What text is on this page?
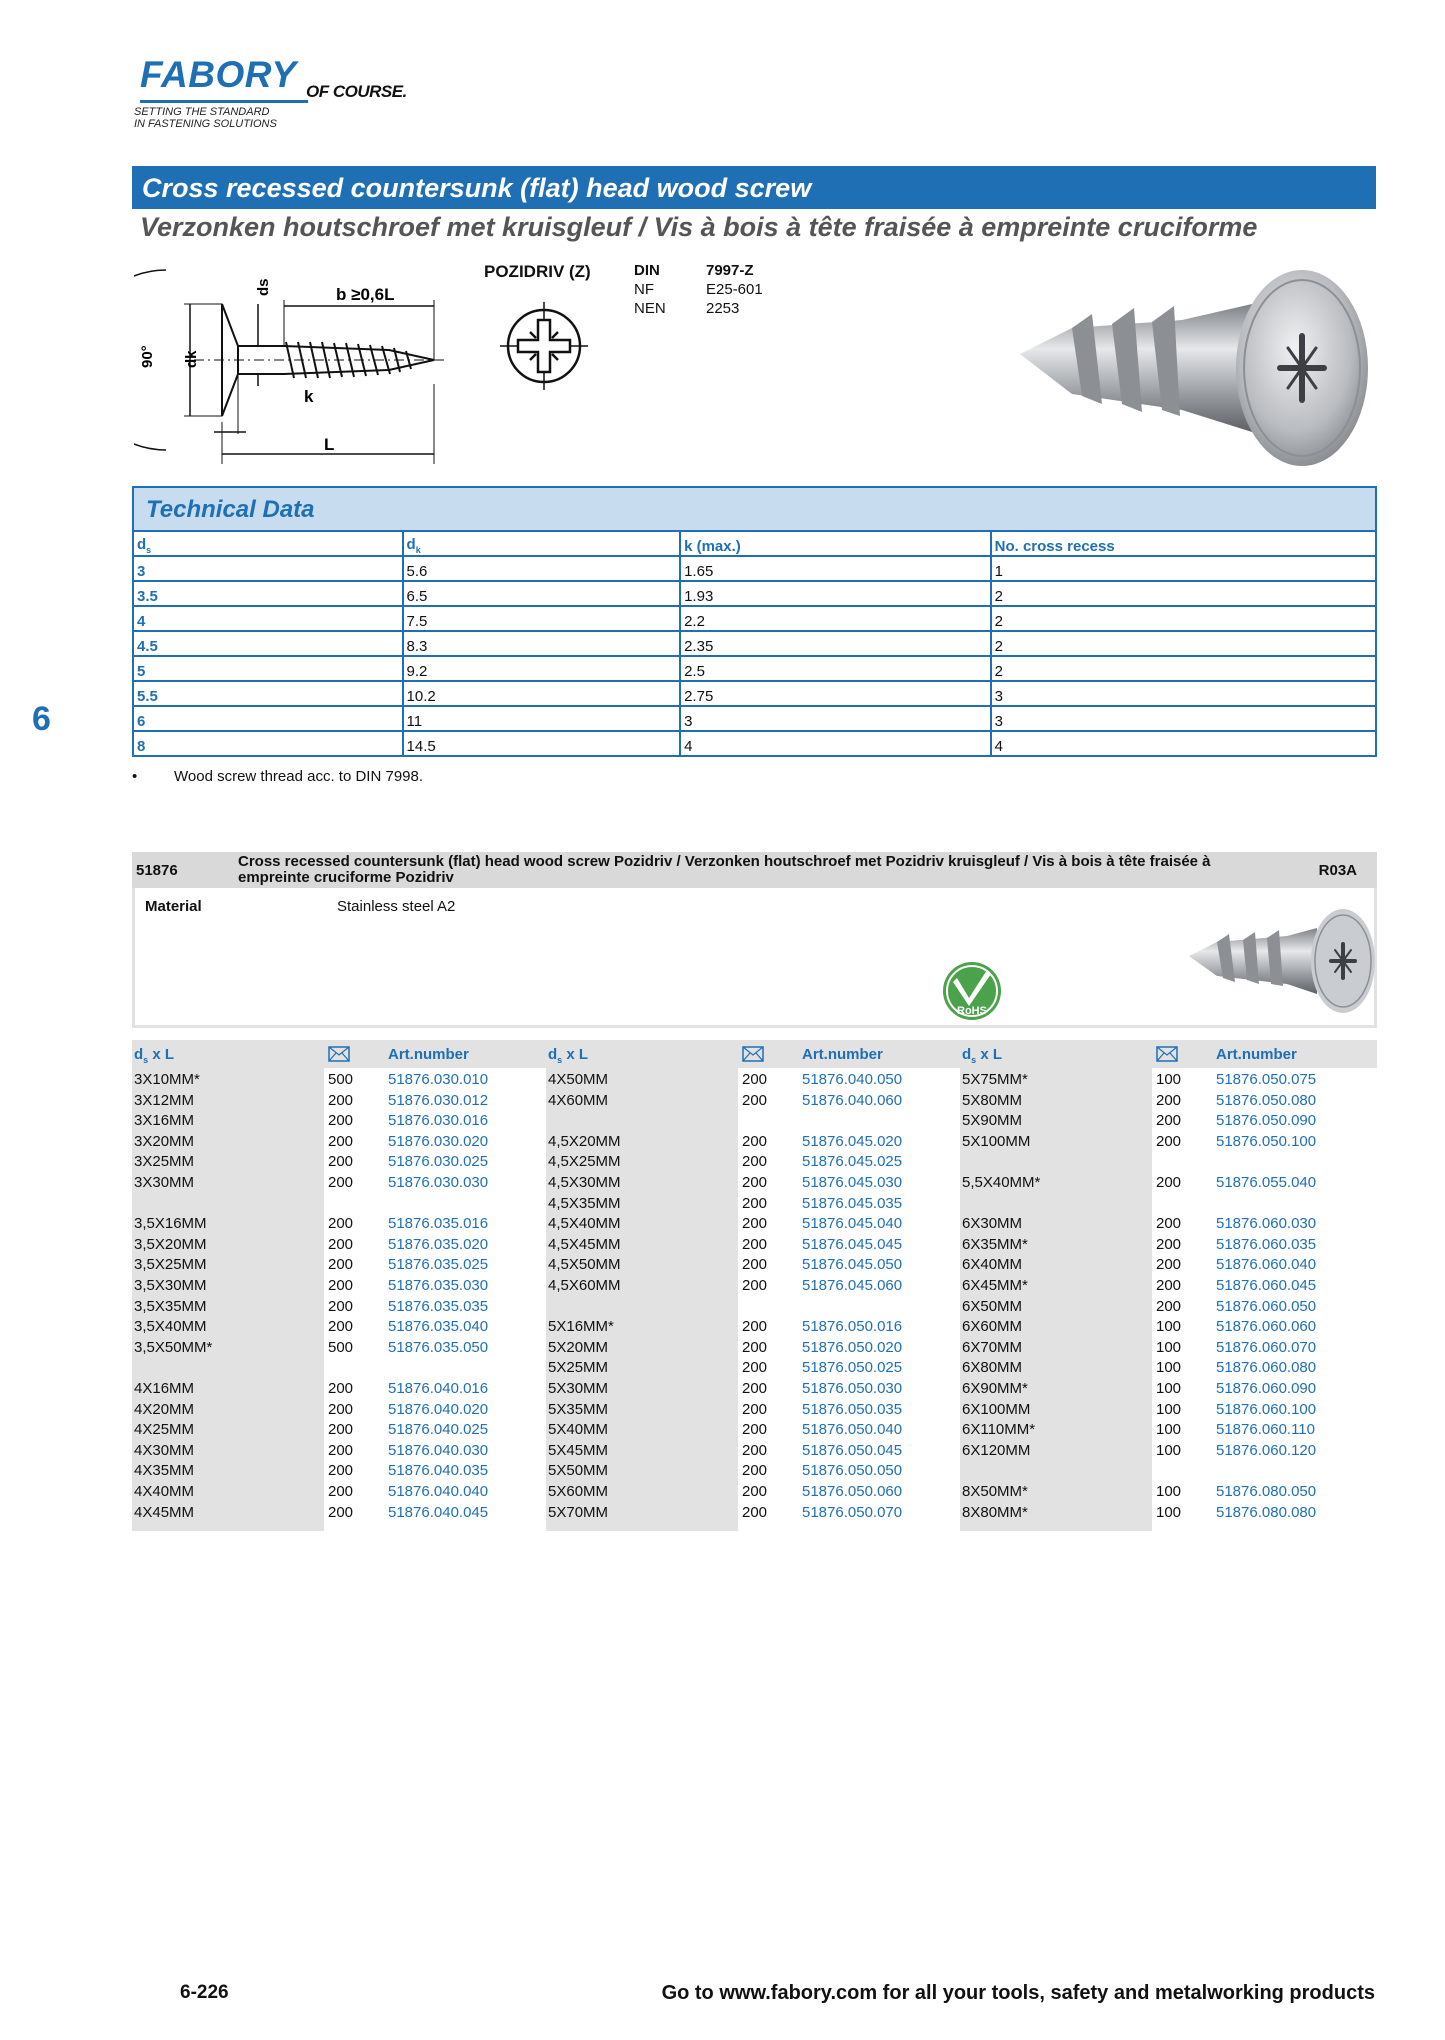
FABORY OF COURSE.
SETTING THE STANDARD
IN FASTENING SOLUTIONS
Cross recessed countersunk (flat) head wood screw
Verzonken houtschroef met kruisgleuf / Vis à bois à tête fraisée à empreinte cruciforme
90° dk
ds	b ≥0,6L
k
L
POZIDRIV (Z)	DIN	7997-Z
NF	E25-601
NEN	2253
Technical Data
$d_s$	$d_k$	k (max.)	No. cross recess
3	5.6	1.65	1
3.5	6.5	1.93	2
4	7.5	2.2	2
4.5	8.3	2.35	2
5	9.2	2.5	2
5.5	10.2	2.75	3
6	11	3	3
8	14.5	4	4
6
• Wood screw thread acc. to DIN 7998.
51876
Cross recessed countersunk (flat) head wood screw Pozidriv / Verzonken houtschroef met Pozidriv kruisgleuf / Vis à bois à tête fraisée à empreinte cruciforme Pozidriv	R03A
Material	Stainless steel A2
RoHS
$d_s$ x L	Art.number	$d_s$ x L	Art.number	$d_s$ x L	Art.number
3X10MM*	500 51876.030.010
3X12MM	200 51876.030.012
3X16MM	200 51876.030.016
3X20MM	200 51876.030.020
3X25MM	200 51876.030.025
3X30MM	200 51876.030.030
3,5X16MM	200 51876.035.016
3,5X20MM	200 51876.035.020
3,5X25MM	200 51876.035.025
3,5X30MM	200 51876.035.030
3,5X35MM	200 51876.035.035
3,5X40MM	200 51876.035.040
3,5X50MM*	500 51876.035.050
4X16MM	200 51876.040.016
4X20MM	200 51876.040.020
4X25MM	200 51876.040.025
4X30MM	200 51876.040.030
4X35MM	200 51876.040.035
4X40MM	200 51876.040.040
4X45MM	200 51876.040.045
4X50MM	200 51876.040.050
4X60MM	200 51876.040.060
4,5X20MM	200 51876.045.020
4,5X25MM	200 51876.045.025
4,5X30MM	200 51876.045.030
4,5X35MM	200 51876.045.035
4,5X40MM	200 51876.045.040
4,5X45MM	200 51876.045.045
4,5X50MM	200 51876.045.050
4,5X60MM	200 51876.045.060
5X16MM*	200 51876.050.016
5X20MM	200 51876.050.020
5X25MM	200 51876.050.025
5X30MM	200 51876.050.030
5X35MM	200 51876.050.035
5X40MM	200 51876.050.040
5X45MM	200 51876.050.045
5X50MM	200 51876.050.050
5X60MM	200 51876.050.060
5X70MM	200 51876.050.070
5X75MM*	100 51876.050.075
5X80MM	200 51876.050.080
5X90MM	200 51876.050.090
5X100MM	200 51876.050.100
5,5X40MM*	200 51876.055.040
6X30MM	200 51876.060.030
6X35MM*	200 51876.060.035
6X40MM	200 51876.060.040
6X45MM*	200 51876.060.045
6X50MM	200 51876.060.050
6X60MM	100 51876.060.060
6X70MM	100 51876.060.070
6X80MM	100 51876.060.080
6X90MM*	100 51876.060.090
6X100MM	100 51876.060.100
6X110MM*	100 51876.060.110
6X120MM	100 51876.060.120
8X50MM*	100 51876.080.050
8X80MM*	100 51876.080.080
6-226	Go to www.fabory.com for all your tools, safety and metalworking products
